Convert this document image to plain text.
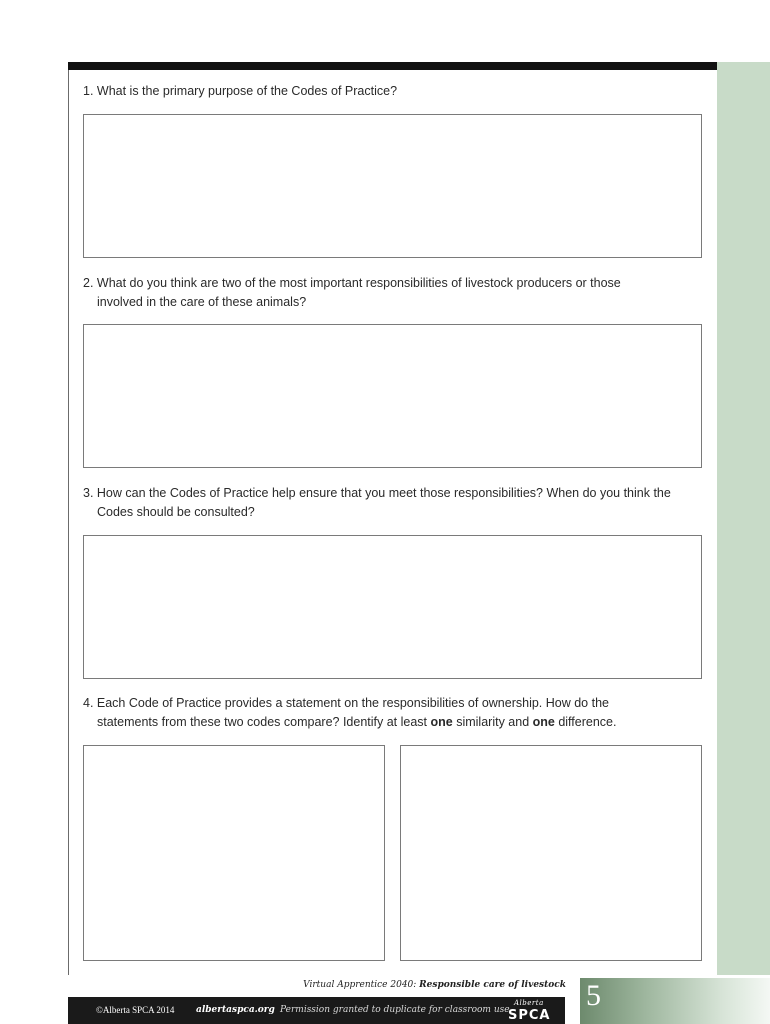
1. What is the primary purpose of the Codes of Practice?
2. What do you think are two of the most important responsibilities of livestock producers or those
involved in the care of these animals?
3. How can the Codes of Practice help ensure that you meet those responsibilities? When do you think the
Codes should be consulted?
4. Each Code of Practice provides a statement on the responsibilities of ownership. How do the
statements from these two codes compare? Identify at least one similarity and one difference.
Virtual Apprentice 2040: Responsible care of livestock
©Alberta SPCA 2014 albertaspca.org Permission granted to duplicate for classroom use
Alberta
SPCA
5
